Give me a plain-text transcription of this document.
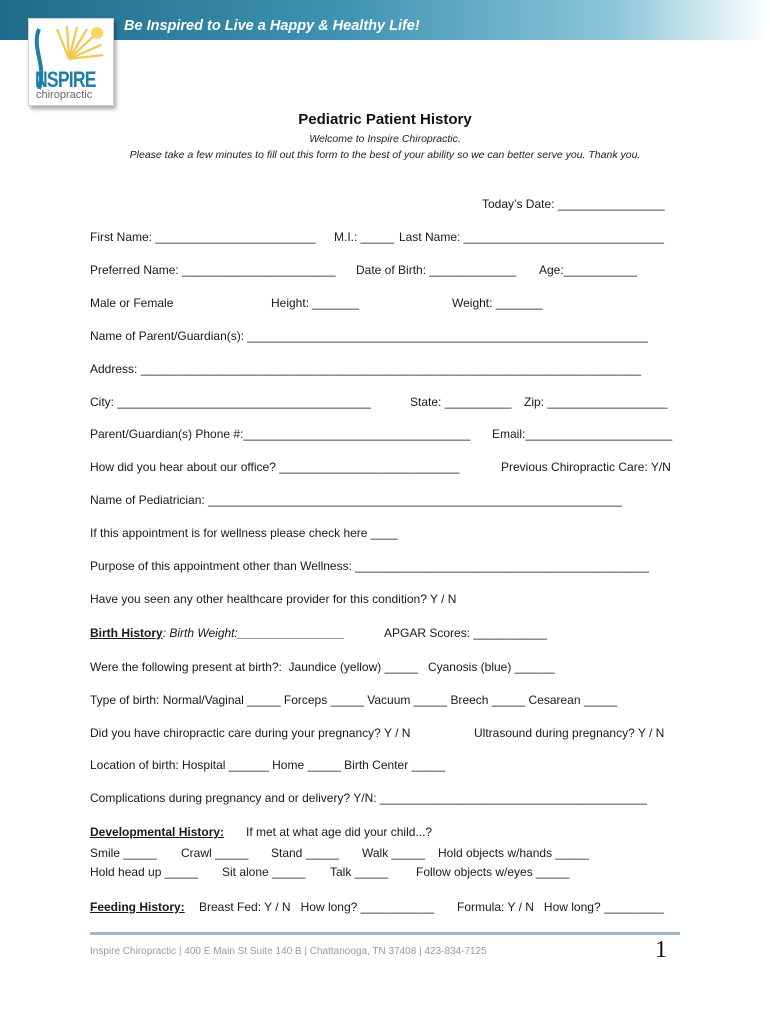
Be Inspired to Live a Happy & Healthy Life!
NSPIRE
chiropractic
Pediatric Patient History
Welcome to Inspire Chiropractic.
Please take a few minutes to fill out this form to the best of your ability so we can better serve you. Thank you.
Today’s Date: ________________
First Name: ________________________ M.I.: _____ Last Name: ______________________________
Preferred Name: _______________________ Date of Birth: _____________ Age:___________
Male or Female	Height: _______	Weight: _______
Name of Parent/Guardian(s): ____________________________________________________________
Address: ___________________________________________________________________________
City: ______________________________________	State: __________ Zip: __________________
Parent/Guardian(s) Phone #:__________________________________ Email:______________________
How did you hear about our office? ___________________________	Previous Chiropractic Care: Y/N
Name of Pediatrician: ______________________________________________________________
If this appointment is for wellness please check here ____
Purpose of this appointment other than Wellness: ____________________________________________
Have you seen any other healthcare provider for this condition? Y / N
Birth History: Birth Weight:________________	APGAR Scores: ___________
Were the following present at birth?:  Jaundice (yellow) _____   Cyanosis (blue) ______
Type of birth: Normal/Vaginal _____ Forceps _____ Vacuum _____ Breech _____ Cesarean _____
Did you have chiropractic care during your pregnancy? Y / N	Ultrasound during pregnancy? Y / N
Location of birth: Hospital ______ Home _____ Birth Center _____
Complications during pregnancy and or delivery? Y/N: ________________________________________
Developmental History: If met at what age did your child...?
Smile _____ Crawl _____ Stand _____ Walk _____ Hold objects w/hands _____
Hold head up _____ Sit alone _____ Talk _____ Follow objects w/eyes _____
Feeding History: Breast Fed: Y / N   How long? ___________ Formula: Y / N   How long? _________
Inspire Chiropractic | 400 E Main St Suite 140 B | Chattanooga, TN 37408 | 423-834-7125	1
